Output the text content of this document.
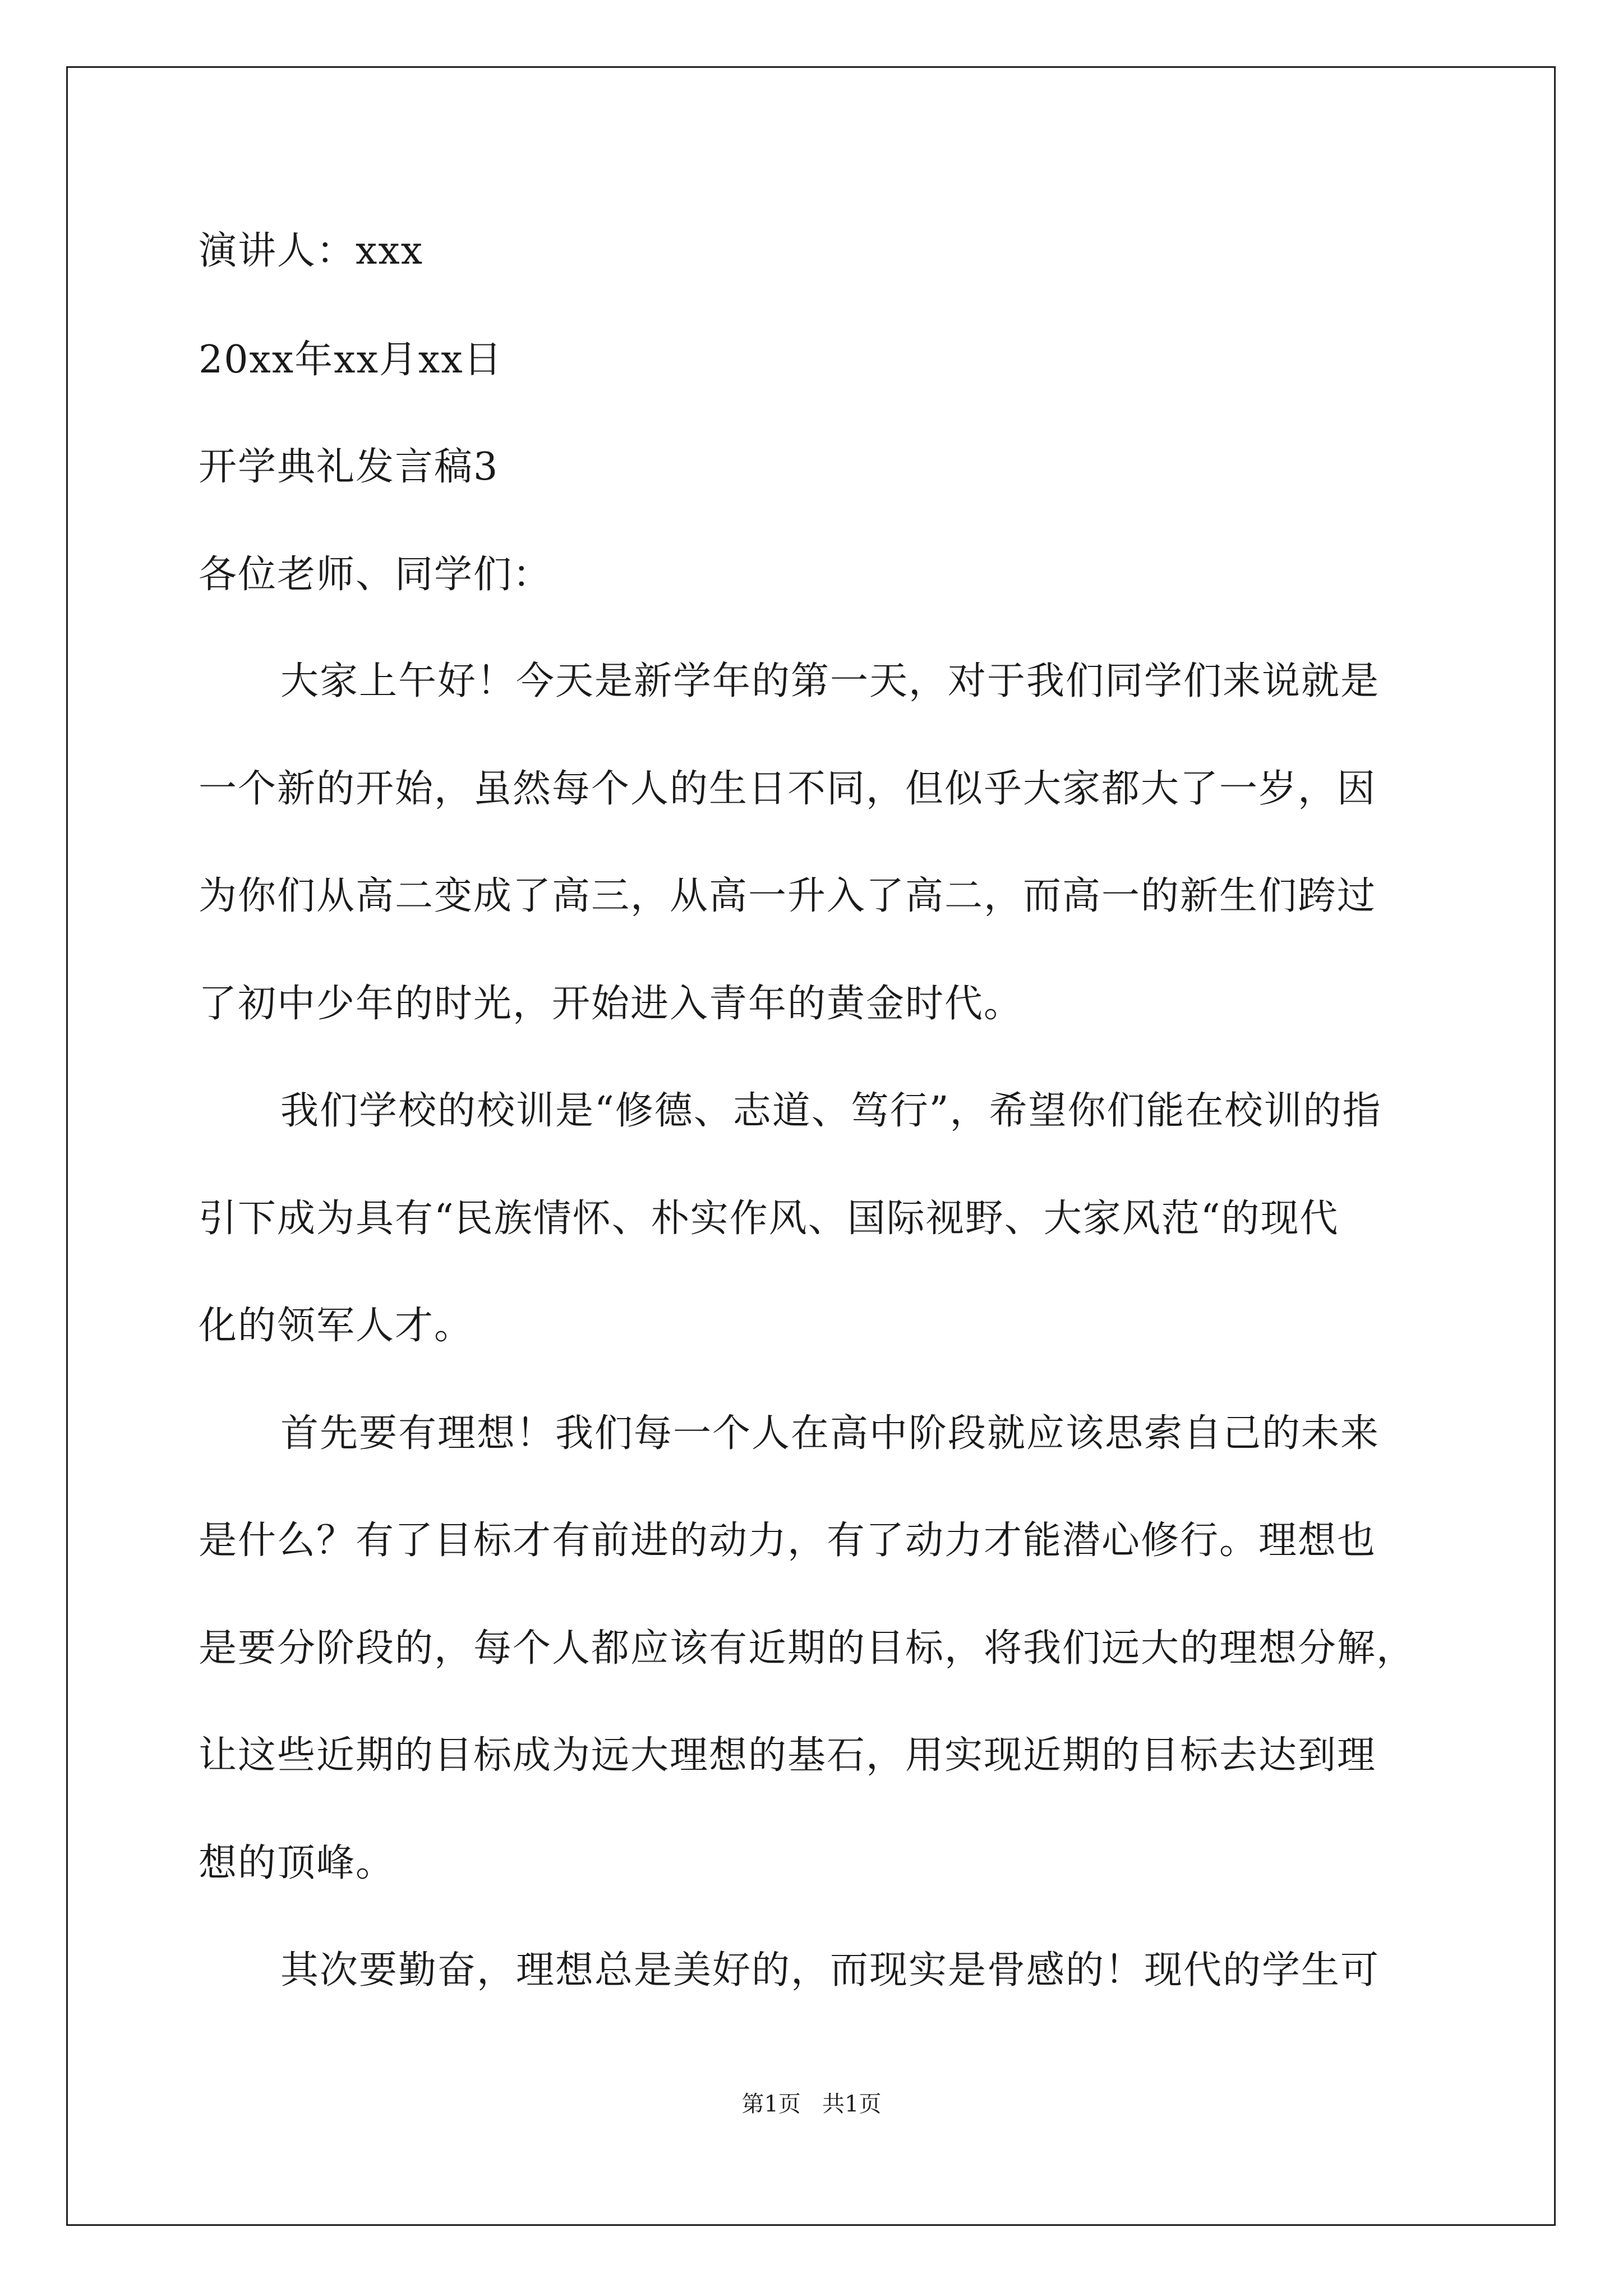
演讲人：xxx
20xx年xx月xx日
开学典礼发言稿3
各位老师、同学们：
大家上午好！今天是新学年的第一天，对于我们同学们来说就是
一个新的开始，虽然每个人的生日不同，但似乎大家都大了一岁，因
为你们从高二变成了高三，从高一升入了高二，而高一的新生们跨过
了初中少年的时光，开始进入青年的黄金时代。
我们学校的校训是“修德、志道、笃行”，希望你们能在校训的指
引下成为具有“民族情怀、朴实作风、国际视野、大家风范“的现代
化的领军人才。
首先要有理想！我们每一个人在高中阶段就应该思索自己的未来
是什么？有了目标才有前进的动力，有了动力才能潜心修行。理想也
是要分阶段的，每个人都应该有近期的目标，将我们远大的理想分解，
让这些近期的目标成为远大理想的基石，用实现近期的目标去达到理
想的顶峰。
其次要勤奋，理想总是美好的，而现实是骨感的！现代的学生可
第1页   共1页
